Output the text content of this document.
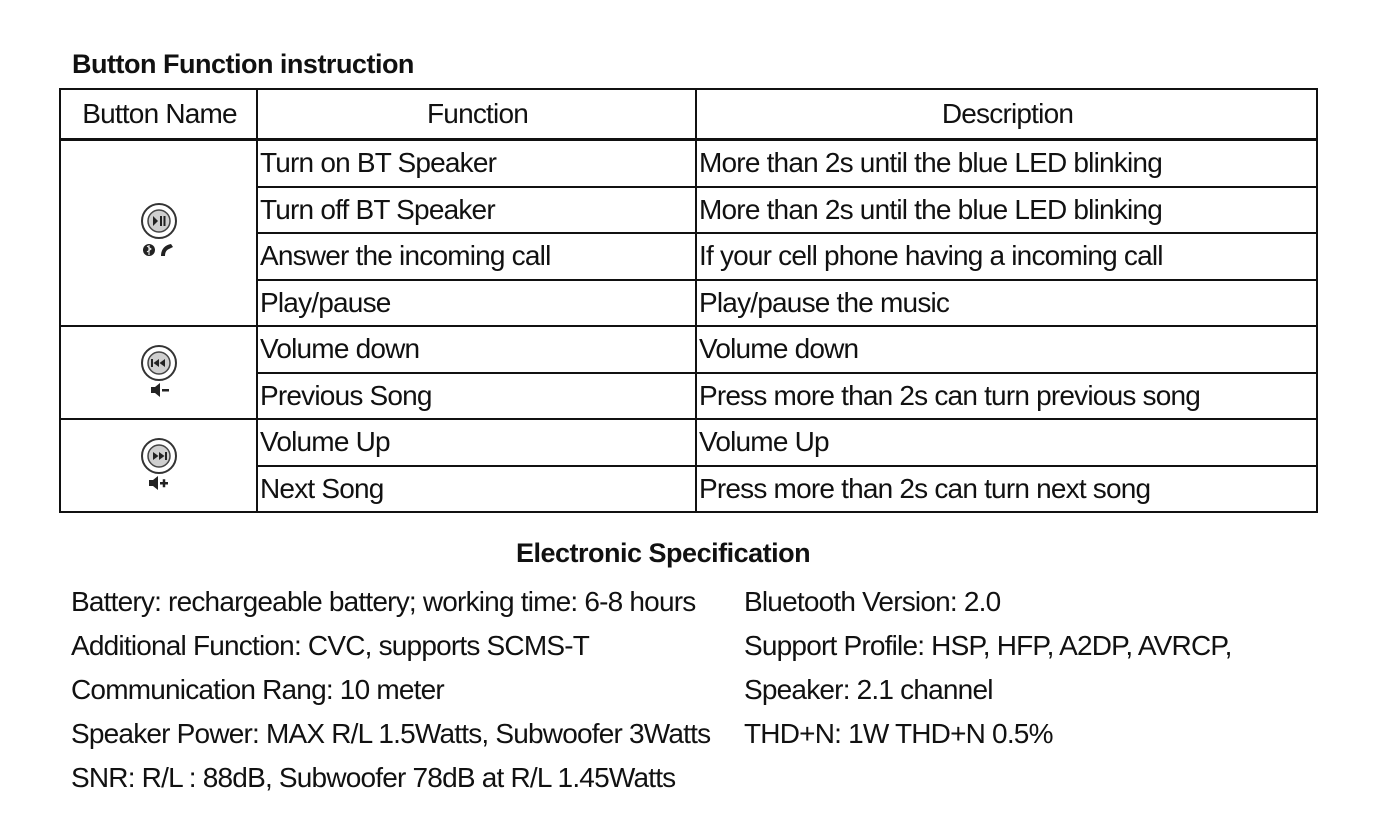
Button Function instruction
Button Name	Function	Description
	Turn on BT Speaker	More than 2s until the blue LED blinking
	Turn off BT Speaker	More than 2s until the blue LED blinking
	Answer the incoming call	If your cell phone having a incoming call
	Play/pause	Play/pause the music
	Volume down	Volume down
	Previous Song	Press more than 2s can turn previous song
	Volume Up	Volume Up
	Next Song	Press more than 2s can turn next song
Electronic Specification
Battery: rechargeable battery; working time: 6-8 hours
Additional Function: CVC, supports SCMS-T
Communication Rang: 10 meter
Speaker Power: MAX R/L 1.5Watts, Subwoofer 3Watts
SNR: R/L : 88dB, Subwoofer 78dB at R/L 1.45Watts
Bluetooth Version: 2.0
Support Profile: HSP, HFP, A2DP, AVRCP,
Speaker: 2.1 channel
THD+N: 1W THD+N 0.5%
